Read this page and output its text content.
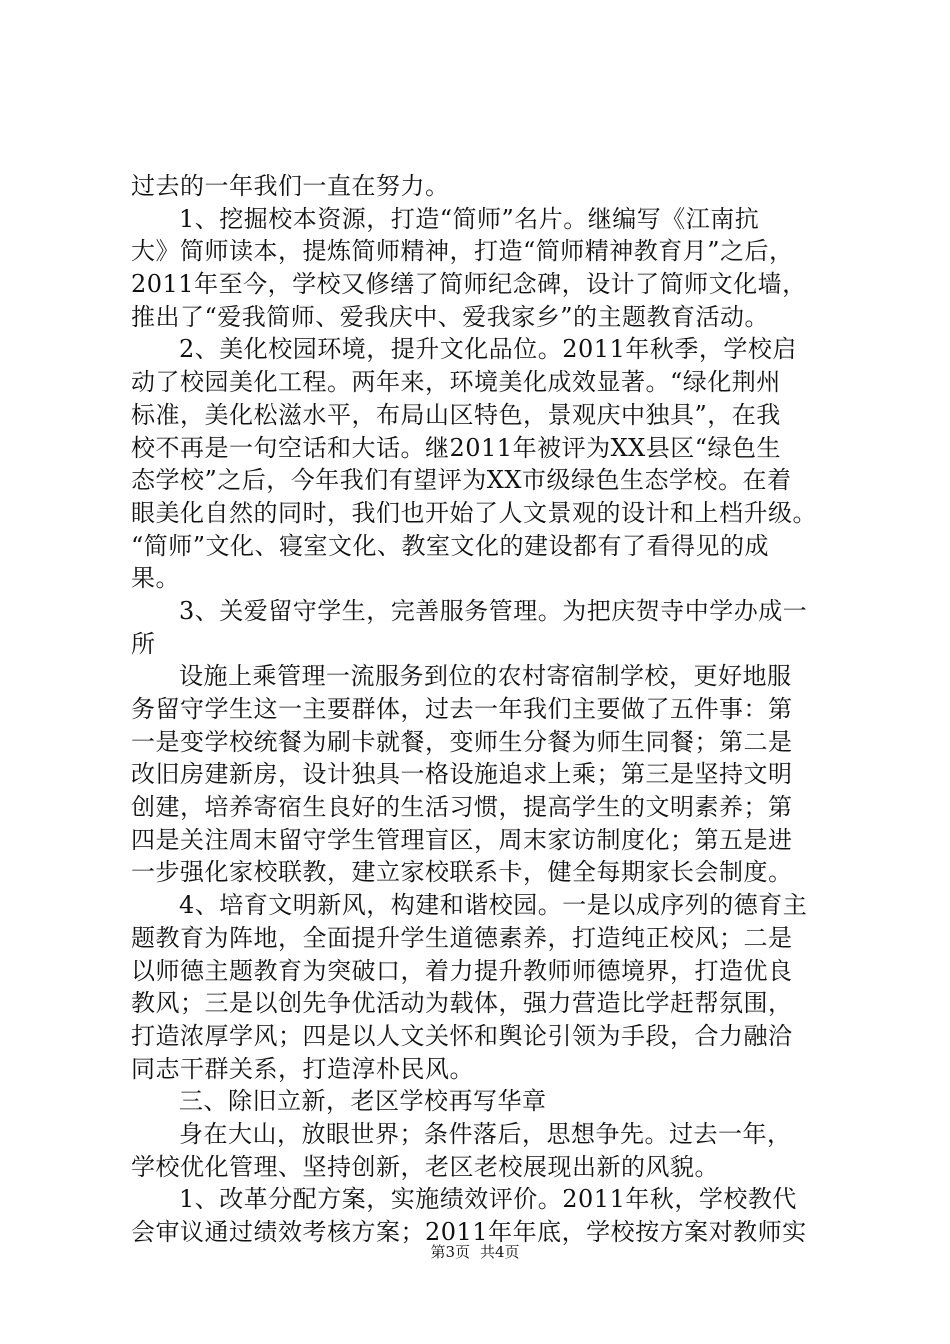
过去的一年我们一直在努力。
1、挖掘校本资源，打造“简师”名片。继编写《江南抗
大》简师读本，提炼简师精神，打造“简师精神教育月”之后，
2011年至今，学校又修缮了简师纪念碑，设计了简师文化墙，
推出了“爱我简师、爱我庆中、爱我家乡”的主题教育活动。
2、美化校园环境，提升文化品位。2011年秋季，学校启
动了校园美化工程。两年来，环境美化成效显著。“绿化荆州
标准，美化松滋水平，布局山区特色，景观庆中独具”，在我
校不再是一句空话和大话。继2011年被评为XX县区“绿色生
态学校”之后，今年我们有望评为XX市级绿色生态学校。在着
眼美化自然的同时，我们也开始了人文景观的设计和上档升级。
“简师”文化、寝室文化、教室文化的建设都有了看得见的成
果。
3、关爱留守学生，完善服务管理。为把庆贺寺中学办成一
所
设施上乘管理一流服务到位的农村寄宿制学校，更好地服
务留守学生这一主要群体，过去一年我们主要做了五件事：第
一是变学校统餐为刷卡就餐，变师生分餐为师生同餐；第二是
改旧房建新房，设计独具一格设施追求上乘；第三是坚持文明
创建，培养寄宿生良好的生活习惯，提高学生的文明素养；第
四是关注周末留守学生管理盲区，周末家访制度化；第五是进
一步强化家校联教，建立家校联系卡，健全每期家长会制度。
4、培育文明新风，构建和谐校园。一是以成序列的德育主
题教育为阵地，全面提升学生道德素养，打造纯正校风；二是
以师德主题教育为突破口，着力提升教师师德境界，打造优良
教风；三是以创先争优活动为载体，强力营造比学赶帮氛围，
打造浓厚学风；四是以人文关怀和舆论引领为手段，合力融洽
同志干群关系，打造淳朴民风。
三、除旧立新，老区学校再写华章
身在大山，放眼世界；条件落后，思想争先。过去一年，
学校优化管理、坚持创新，老区老校展现出新的风貌。
1、改革分配方案，实施绩效评价。2011年秋，学校教代
会审议通过绩效考核方案；2011年年底，学校按方案对教师实
第3页 共4页
